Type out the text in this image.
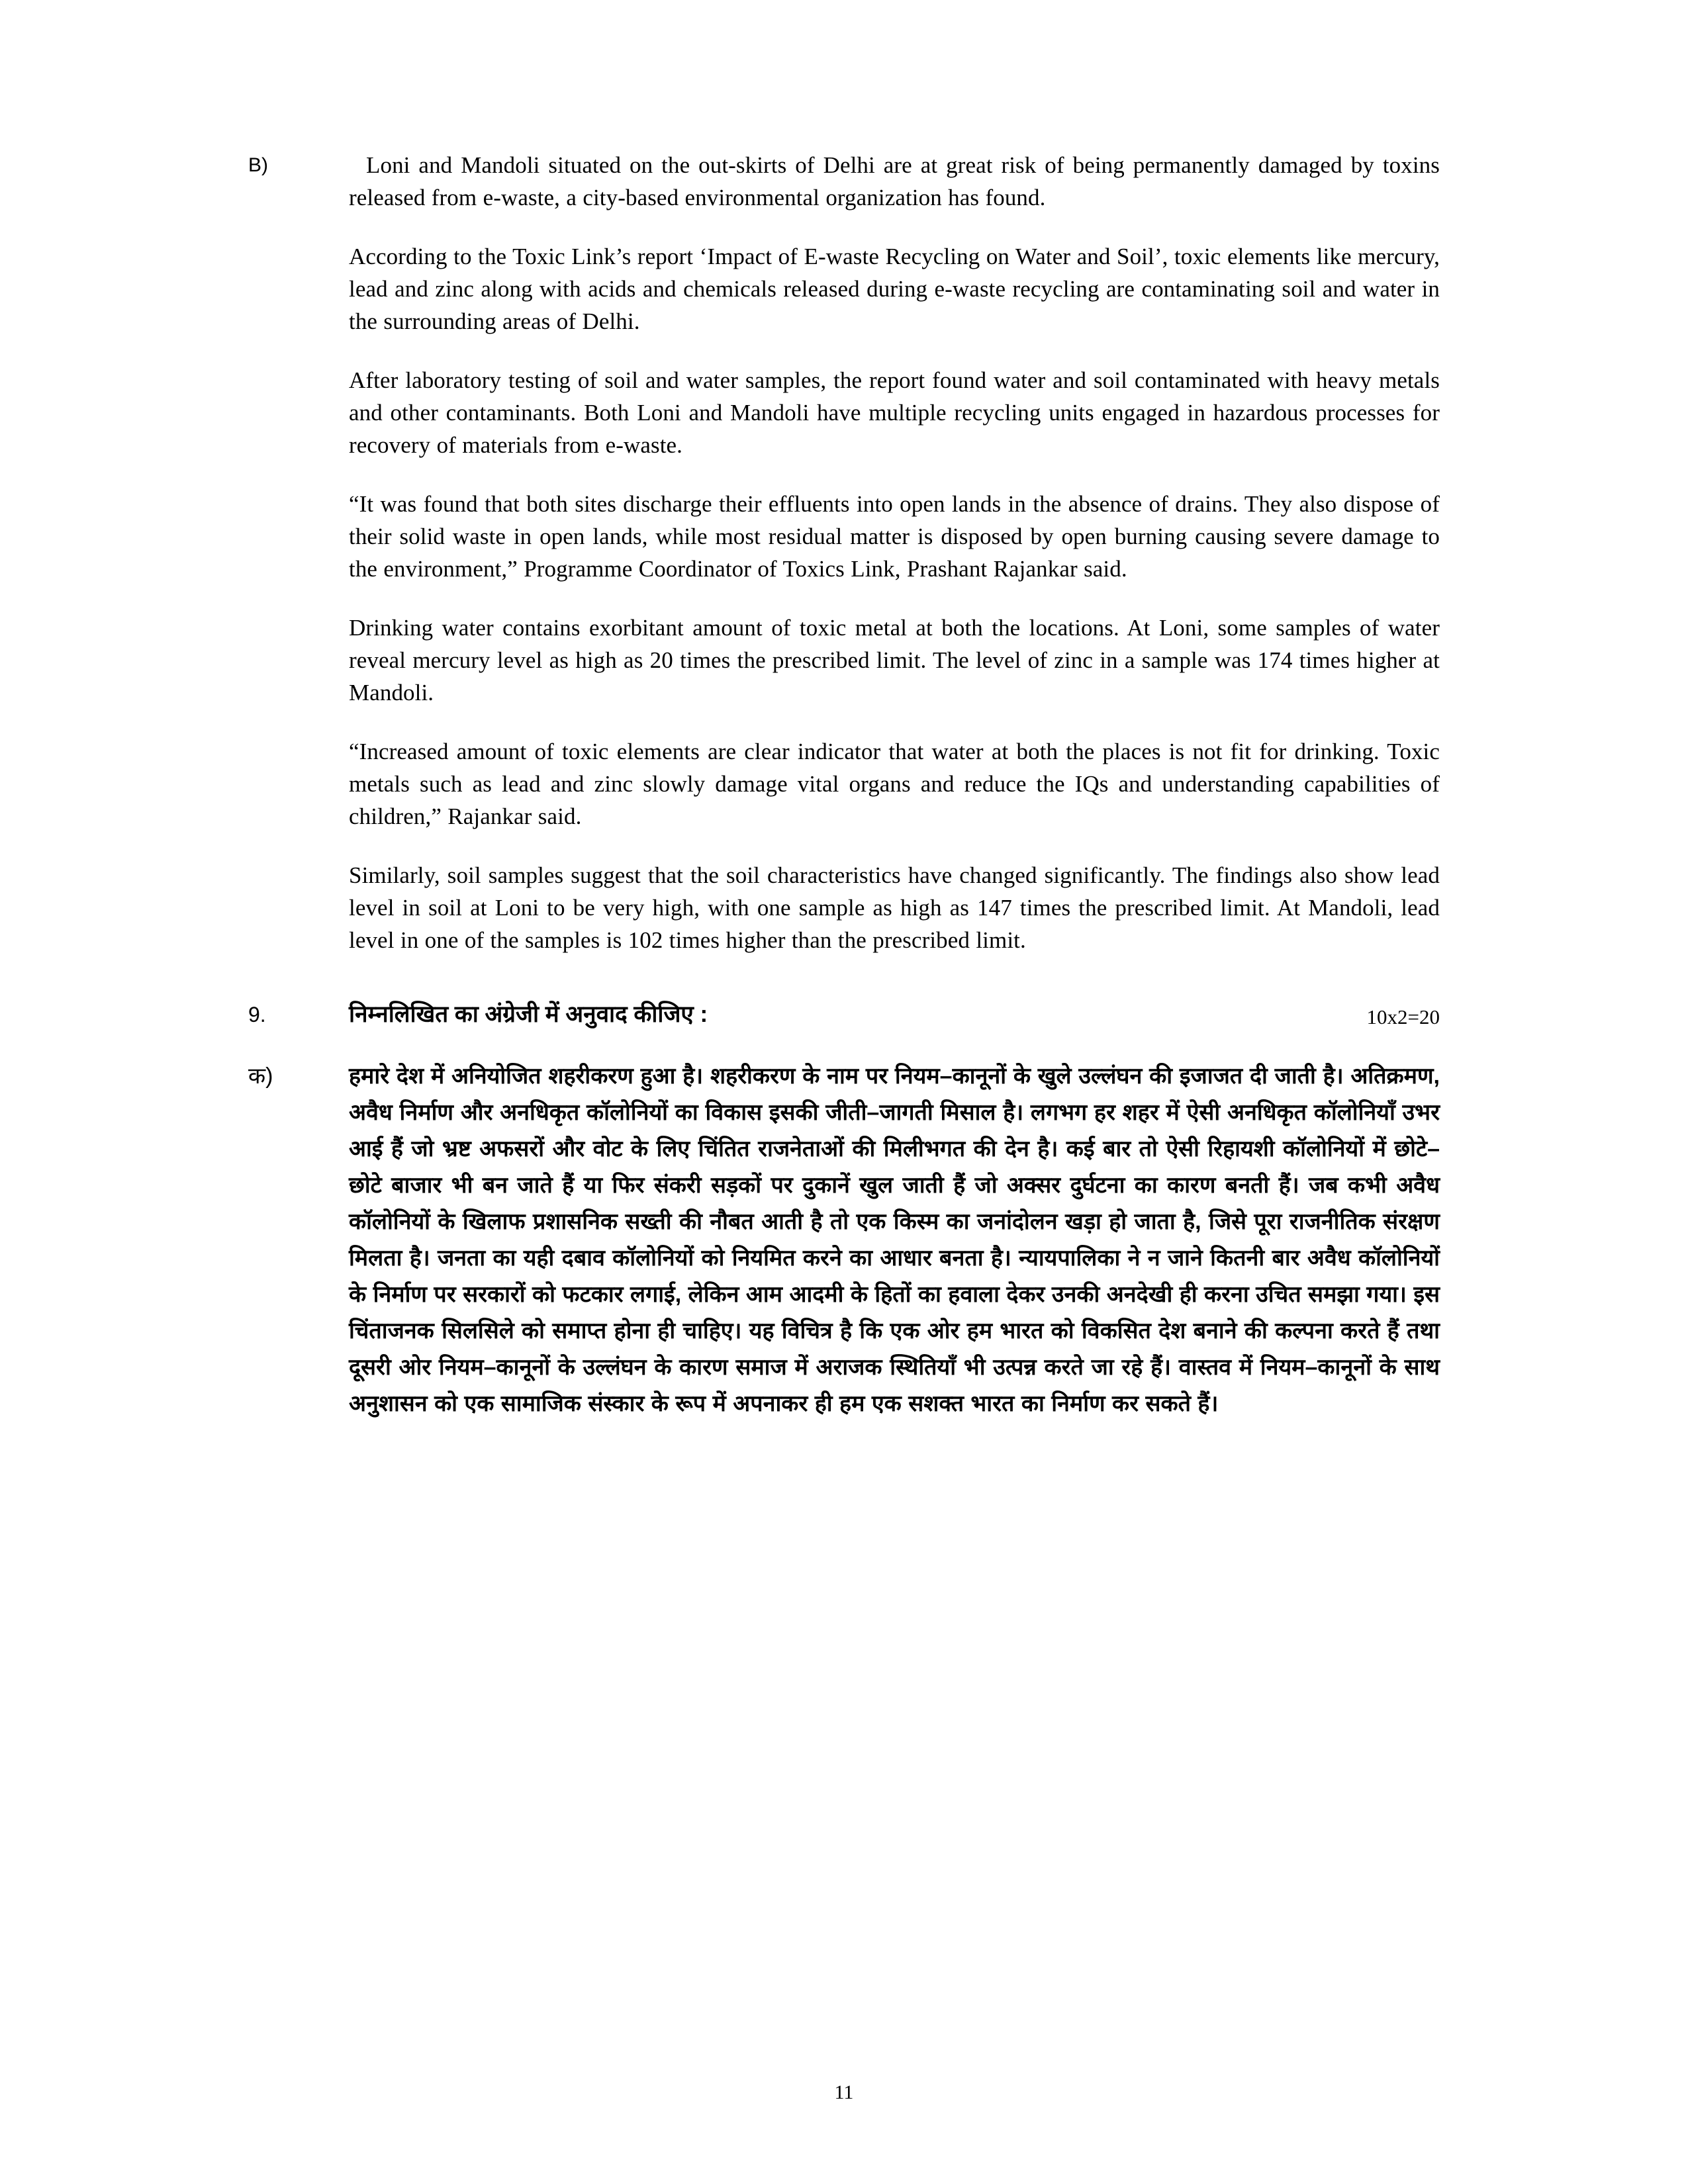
B)	Loni and Mandoli situated on the out-skirts of Delhi are at great risk of being permanently damaged by toxins released from e-waste, a city-based environmental organization has found.

According to the Toxic Link’s report ‘Impact of E-waste Recycling on Water and Soil’, toxic elements like mercury, lead and zinc along with acids and chemicals released during e-waste recycling are contaminating soil and water in the surrounding areas of Delhi.

After laboratory testing of soil and water samples, the report found water and soil contaminated with heavy metals and other contaminants. Both Loni and Mandoli have multiple recycling units engaged in hazardous processes for recovery of materials from e-waste.

“It was found that both sites discharge their effluents into open lands in the absence of drains. They also dispose of their solid waste in open lands, while most residual matter is disposed by open burning causing severe damage to the environment,” Programme Coordinator of Toxics Link, Prashant Rajankar said.

Drinking water contains exorbitant amount of toxic metal at both the locations. At Loni, some samples of water reveal mercury level as high as 20 times the prescribed limit. The level of zinc in a sample was 174 times higher at Mandoli.

“Increased amount of toxic elements are clear indicator that water at both the places is not fit for drinking. Toxic metals such as lead and zinc slowly damage vital organs and reduce the IQs and understanding capabilities of children,” Rajankar said.

Similarly, soil samples suggest that the soil characteristics have changed significantly. The findings also show lead level in soil at Loni to be very high, with one sample as high as 147 times the prescribed limit. At Mandoli, lead level in one of the samples is 102 times higher than the prescribed limit.

9.	निम्नलिखित का अंग्रेजी में अनुवाद कीजिए :	10x2=20
क)	हमारे देश में अनियोजित शहरीकरण हुआ है। शहरीकरण के नाम पर नियम–कानूनों के खुले उल्लंघन की इजाजत दी जाती है। अतिक्रमण, अवैध निर्माण और अनधिकृत कॉलोनियों का विकास इसकी जीती–जागती मिसाल है। लगभग हर शहर में ऐसी अनधिकृत कॉलोनियाँ उभर आई हैं जो भ्रष्ट अफसरों और वोट के लिए चिंतित राजनेताओं की मिलीभगत की देन है। कई बार तो ऐसी रिहायशी कॉलोनियों में छोटे–छोटे बाजार भी बन जाते हैं या फिर संकरी सड़कों पर दुकानें खुल जाती हैं जो अक्सर दुर्घटना का कारण बनती हैं। जब कभी अवैध कॉलोनियों के खिलाफ प्रशासनिक सख्ती की नौबत आती है तो एक किस्म का जनांदोलन खड़ा हो जाता है, जिसे पूरा राजनीतिक संरक्षण मिलता है। जनता का यही दबाव कॉलोनियों को नियमित करने का आधार बनता है। न्यायपालिका ने न जाने कितनी बार अवैध कॉलोनियों के निर्माण पर सरकारों को फटकार लगाई, लेकिन आम आदमी के हितों का हवाला देकर उनकी अनदेखी ही करना उचित समझा गया। इस चिंताजनक सिलसिले को समाप्त होना ही चाहिए। यह विचित्र है कि एक ओर हम भारत को विकसित देश बनाने की कल्पना करते हैं तथा दूसरी ओर नियम–कानूनों के उल्लंघन के कारण समाज में अराजक स्थितियाँ भी उत्पन्न करते जा रहे हैं। वास्तव में नियम–कानूनों के साथ अनुशासन को एक सामाजिक संस्कार के रूप में अपनाकर ही हम एक सशक्त भारत का निर्माण कर सकते हैं।

11
